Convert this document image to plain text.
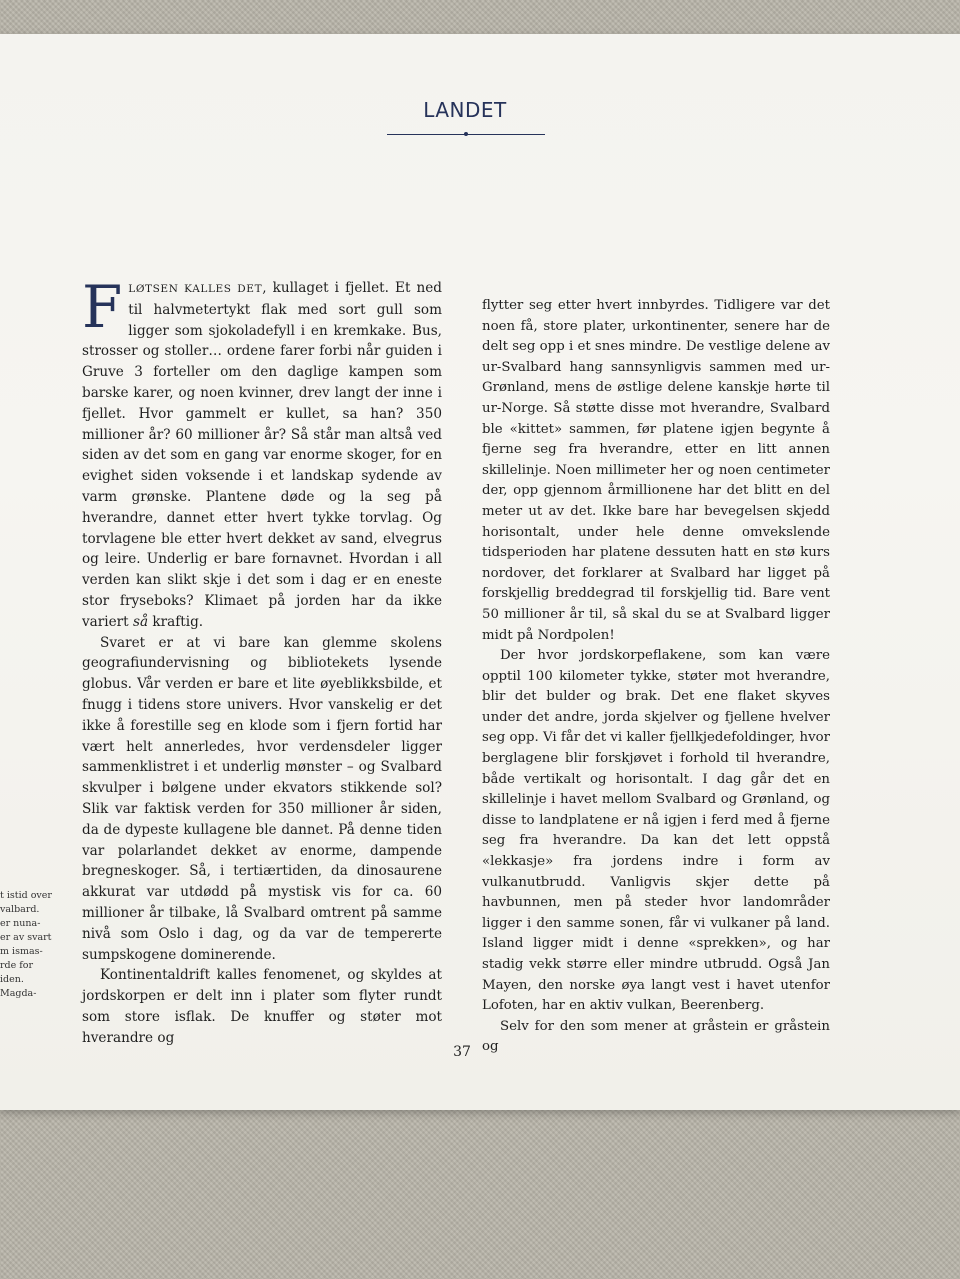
LANDET

FLØTSEN KALLES DET, kullaget i fjellet. Et ned til halvmetertykt flak med sort gull som ligger som sjokoladefyll i en kremkake. Bus, strosser og stoller… ordene farer forbi når guiden i Gruve 3 forteller om den daglige kampen som barske karer, og noen kvinner, drev langt der inne i fjellet. Hvor gammelt er kullet, sa han? 350 millioner år? 60 millioner år? Så står man altså ved siden av det som en gang var enorme skoger, for en evighet siden voksende i et landskap sydende av varm grønske. Plantene døde og la seg på hverandre, dannet etter hvert tykke torvlag. Og torvlagene ble etter hvert dekket av sand, elvegrus og leire. Underlig er bare fornavnet. Hvordan i all verden kan slikt skje i det som i dag er en eneste stor fryseboks? Klimaet på jorden har da ikke variert så kraftig.

Svaret er at vi bare kan glemme skolens geografiundervisning og bibliotekets lysende globus. Vår verden er bare et lite øyeblikksbilde, et fnugg i tidens store univers. Hvor vanskelig er det ikke å forestille seg en klode som i fjern fortid har vært helt annerledes, hvor verdensdeler ligger sammenklistret i et underlig mønster – og Svalbard skvulper i bølgene under ekvators stikkende sol? Slik var faktisk verden for 350 millioner år siden, da de dypeste kullagene ble dannet. På denne tiden var polarlandet dekket av enorme, dampende bregneskoger. Så, i tertiærtiden, da dinosaurene akkurat var utdødd på mystisk vis for ca. 60 millioner år tilbake, lå Svalbard omtrent på samme nivå som Oslo i dag, og da var de tempererte sumpskogene dominerende.

Kontinentaldrift kalles fenomenet, og skyldes at jordskorpen er delt inn i plater som flyter rundt som store isflak. De knuffer og støter mot hverandre og

flytter seg etter hvert innbyrdes. Tidligere var det noen få, store plater, urkontinenter, senere har de delt seg opp i et snes mindre. De vestlige delene av ur-Svalbard hang sannsynligvis sammen med ur-Grønland, mens de østlige delene kanskje hørte til ur-Norge. Så støtte disse mot hverandre, Svalbard ble «kittet» sammen, før platene igjen begynte å fjerne seg fra hverandre, etter en litt annen skillelinje. Noen millimeter her og noen centimeter der, opp gjennom årmillionene har det blitt en del meter ut av det. Ikke bare har bevegelsen skjedd horisontalt, under hele denne omvekslende tidsperioden har platene dessuten hatt en stø kurs nordover, det forklarer at Svalbard har ligget på forskjellig breddegrad til forskjellig tid. Bare vent 50 millioner år til, så skal du se at Svalbard ligger midt på Nordpolen!

Der hvor jordskorpeflakene, som kan være opptil 100 kilometer tykke, støter mot hverandre, blir det bulder og brak. Det ene flaket skyves under det andre, jorda skjelver og fjellene hvelver seg opp. Vi får det vi kaller fjellkjedefoldinger, hvor berglagene blir forskjøvet i forhold til hverandre, både vertikalt og horisontalt. I dag går det en skillelinje i havet mellom Svalbard og Grønland, og disse to landplatene er nå igjen i ferd med å fjerne seg fra hverandre. Da kan det lett oppstå «lekkasje» fra jordens indre i form av vulkanutbrudd. Vanligvis skjer dette på havbunnen, men på steder hvor landområder ligger i den samme sonen, får vi vulkaner på land. Island ligger midt i denne «sprekken», og har stadig vekk større eller mindre utbrudd. Også Jan Mayen, den norske øya langt vest i havet utenfor Lofoten, har en aktiv vulkan, Beerenberg.

Selv for den som mener at gråstein er gråstein og

t istid over
valbard.
er nuna-
er av svart
m ismas-
rde for
iden.
Magda-
37
